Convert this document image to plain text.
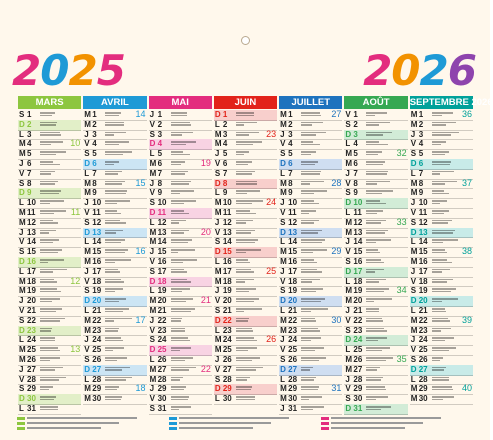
2 0 2 5	2 0 2 6
MARS
S 1
D 2
L 3
M 4	10
M 5
J 6
V 7
S 8
D 9
L 10
M 11	11
M 12
J 13
V 14
S 15
D 16
L 17
M 18	12
M 19
J 20
V 21
S 22
D 23
L 24
M 25	13
M 26
J 27
V 28
S 29
D 30
L 31
AVRIL
M 1	14
M 2
J 3
V 4
S 5
D 6
L 7
M 8	15
M 9
J 10
V 11
S 12
D 13
L 14
M 15	16
M 16
J 17
V 18
S 19
D 20
L 21
M 22	17
M 23
J 24
V 25
S 26
D 27
L 28
M 29	18
M 30
MAI
J 1
V 2
S 3
D 4
L 5
M 6	19
M 7
J 8
V 9
S 10
D 11
L 12
M 13	20
M 14
J 15
V 16
S 17
D 18
L 19
M 20	21
M 21
J 22
V 23
S 24
D 25
L 26
M 27	22
M 28
J 29
V 30
S 31
JUIN
D 1
L 2
M 3	23
M 4
J 5
V 6
S 7
D 8
L 9
M 10	24
M 11
J 12
V 13
S 14
D 15
L 16
M 17	25
M 18
J 19
V 20
S 21
D 22
L 23
M 24	26
M 25
J 26
V 27
S 28
D 29
L 30
JUILLET
M 1	27
M 2
J 3
V 4
S 5
D 6
L 7
M 8	28
M 9
J 10
V 11
S 12
D 13
L 14
M 15	29
M 16
J 17
V 18
S 19
D 20
L 21
M 22	30
M 23
J 24
V 25
S 26
D 27
L 28
M 29	31
M 30
J 31
AOÛT
V 1
S 2
D 3
L 4
M 5	32
M 6
J 7
V 8
S 9
D 10
L 11
M 12	33
M 13
J 14
V 15
S 16
D 17
L 18
M 19	34
M 20
J 21
V 22
S 23
D 24
L 25
M 26	35
M 27
J 28
V 29
S 30
D 31
SEPTEMBRE 2026
M 1	36
M 2
J 3
V 4
S 5
D 6
L 7
M 8	37
M 9
J 10
V 11
S 12
D 13
L 14
M 15	38
M 16
J 17
V 18
S 19
D 20
L 21
M 22	39
M 23
J 24
V 25
S 26
D 27
L 28
M 29	40
M 30
